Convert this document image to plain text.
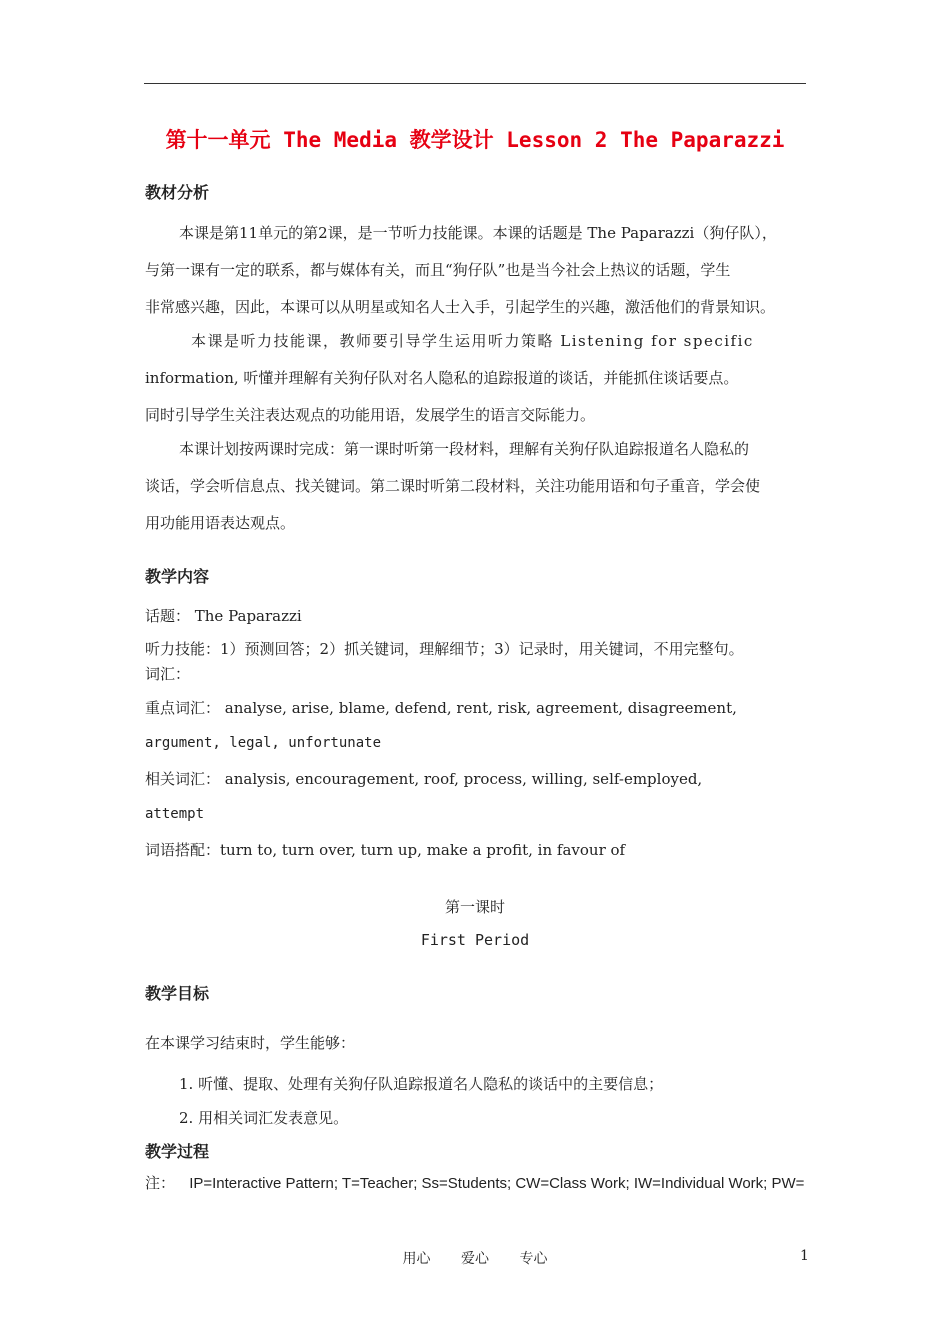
第十一单元 The Media 教学设计 Lesson 2 The Paparazzi
教材分析
本课是第11单元的第2课，是一节听力技能课。本课的话题是 The Paparazzi（狗仔队），
与第一课有一定的联系，都与媒体有关，而且“狗仔队”也是当今社会上热议的话题，学生
非常感兴趣，因此，本课可以从明星或知名人士入手，引起学生的兴趣，激活他们的背景知识。
本课是听力技能课，教师要引导学生运用听力策略 Listening for specific
information, 听懂并理解有关狗仔队对名人隐私的追踪报道的谈话，并能抓住谈话要点。
同时引导学生关注表达观点的功能用语，发展学生的语言交际能力。
本课计划按两课时完成：第一课时听第一段材料，理解有关狗仔队追踪报道名人隐私的
谈话，学会听信息点、找关键词。第二课时听第二段材料，关注功能用语和句子重音，学会使
用功能用语表达观点。
教学内容
话题： The Paparazzi
听力技能：1）预测回答；2）抓关键词，理解细节；3）记录时，用关键词，不用完整句。
词汇：
重点词汇： analyse, arise, blame, defend, rent, risk, agreement, disagreement,
argument, legal, unfortunate
相关词汇： analysis, encouragement, roof, process, willing, self-employed,
attempt
词语搭配：turn to, turn over, turn up, make a profit, in favour of
第一课时
First Period
教学目标
在本课学习结束时，学生能够：
1. 听懂、提取、处理有关狗仔队追踪报道名人隐私的谈话中的主要信息；
2. 用相关词汇发表意见。
教学过程
注： IP=Interactive Pattern; T=Teacher; Ss=Students; CW=Class Work; IW=Individual Work; PW=
用心 爱心 专心	1
